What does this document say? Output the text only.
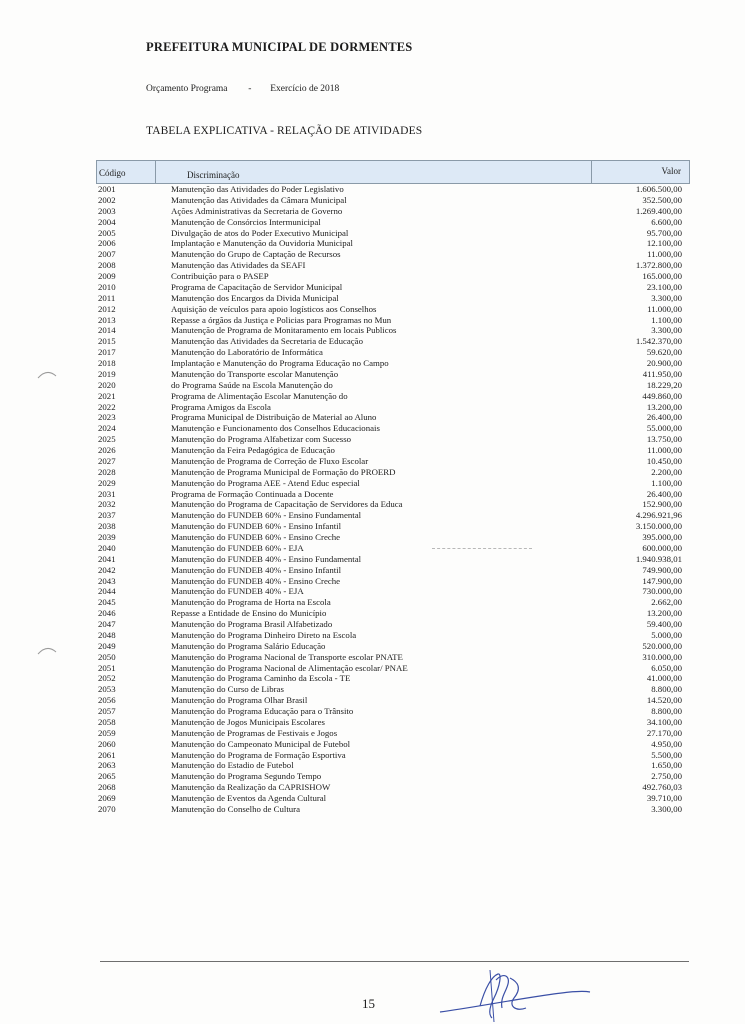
PREFEITURA MUNICIPAL DE DORMENTES
Orçamento Programa - Exercício de 2018
TABELA EXPLICATIVA - RELAÇÃO DE ATIVIDADES
Código	Discriminação	Valor
2001	Manutenção das Atividades do Poder Legislativo	1.606.500,00
2002	Manutenção das Atividades da Câmara Municipal	352.500,00
2003	Ações Administrativas da Secretaria de Governo	1.269.400,00
2004	Manutenção de Consórcios Intermunicipal	6.600,00
2005	Divulgação de atos do Poder Executivo Municipal	95.700,00
2006	Implantação e Manutenção da Ouvidoria Municipal	12.100,00
2007	Manutenção do Grupo de Captação de Recursos	11.000,00
2008	Manutenção das Atividades da SEAFI	1.372.800,00
2009	Contribuição para o PASEP	165.000,00
2010	Programa de Capacitação de Servidor Municipal	23.100,00
2011	Manutenção dos Encargos da Divida Municipal	3.300,00
2012	Aquisição de veículos para apoio logísticos aos Conselhos	11.000,00
2013	Repasse a órgãos da Justiça e Policias para Programas no Mun	1.100,00
2014	Manutenção de Programa de Monitaramento em locais Publicos	3.300,00
2015	Manutenção das Atividades da Secretaria de Educação	1.542.370,00
2017	Manutenção do Laboratório de Informática	59.620,00
2018	Implantação e Manutenção do Programa Educação no Campo	20.900,00
2019	Manutenção do Transporte escolar Manutenção	411.950,00
2020	do Programa Saúde na Escola Manutenção do	18.229,20
2021	Programa de Alimentação Escolar Manutenção do	449.860,00
2022	Programa Amigos da Escola	13.200,00
2023	Programa Municipal de Distribuição de Material ao Aluno	26.400,00
2024	Manutenção e Funcionamento dos Conselhos Educacionais	55.000,00
2025	Manutenção do Programa Alfabetizar com Sucesso	13.750,00
2026	Manutenção da Feira Pedagógica de Educação	11.000,00
2027	Manutenção de Programa de Correção de Fluxo Escolar	10.450,00
2028	Manutenção de Programa Municipal de Formação do PROERD	2.200,00
2029	Manutenção do Programa AEE - Atend Educ especial	1.100,00
2031	Programa de Formação Continuada a Docente	26.400,00
2032	Manutenção do Programa de Capacitação de Servidores da Educa	152.900,00
2037	Manutenção do FUNDEB 60% - Ensino Fundamental	4.296.921,96
2038	Manutenção do FUNDEB 60% - Ensino Infantil	3.150.000,00
2039	Manutenção do FUNDEB 60% - Ensino Creche	395.000,00
2040	Manutenção do FUNDEB 60% - EJA	600.000,00
2041	Manutenção do FUNDEB 40% - Ensino Fundamental	1.940.938,01
2042	Manutenção do FUNDEB 40% - Ensino Infantil	749.900,00
2043	Manutenção do FUNDEB 40% - Ensino Creche	147.900,00
2044	Manutenção do FUNDEB 40% - EJA	730.000,00
2045	Manutenção do Programa de Horta na Escola	2.662,00
2046	Repasse a Entidade de Ensino do Município	13.200,00
2047	Manutenção do Programa Brasil Alfabetizado	59.400,00
2048	Manutenção do Programa Dinheiro Direto na Escola	5.000,00
2049	Manutenção do Programa Salário Educação	520.000,00
2050	Manutenção do Programa Nacional de Transporte escolar PNATE	310.000,00
2051	Manutenção do Programa Nacional de Alimentação escolar/ PNAE	6.050,00
2052	Manutenção do Programa Caminho da Escola - TE	41.000,00
2053	Manutenção do Curso de Libras	8.800,00
2056	Manutenção do Programa Olhar Brasil	14.520,00
2057	Manutenção do Programa Educação para o Trânsito	8.800,00
2058	Manutenção de Jogos Municipais Escolares	34.100,00
2059	Manutenção de Programas de Festivais e Jogos	27.170,00
2060	Manutenção do Campeonato Municipal de Futebol	4.950,00
2061	Manutenção do Programa de Formação Esportiva	5.500,00
2063	Manutenção do Estadio de Futebol	1.650,00
2065	Manutenção do Programa Segundo Tempo	2.750,00
2068	Manutenção da Realização da CAPRISHOW	492.760,03
2069	Manutenção de Eventos da Agenda Cultural	39.710,00
2070	Manutenção do Conselho de Cultura	3.300,00
15
